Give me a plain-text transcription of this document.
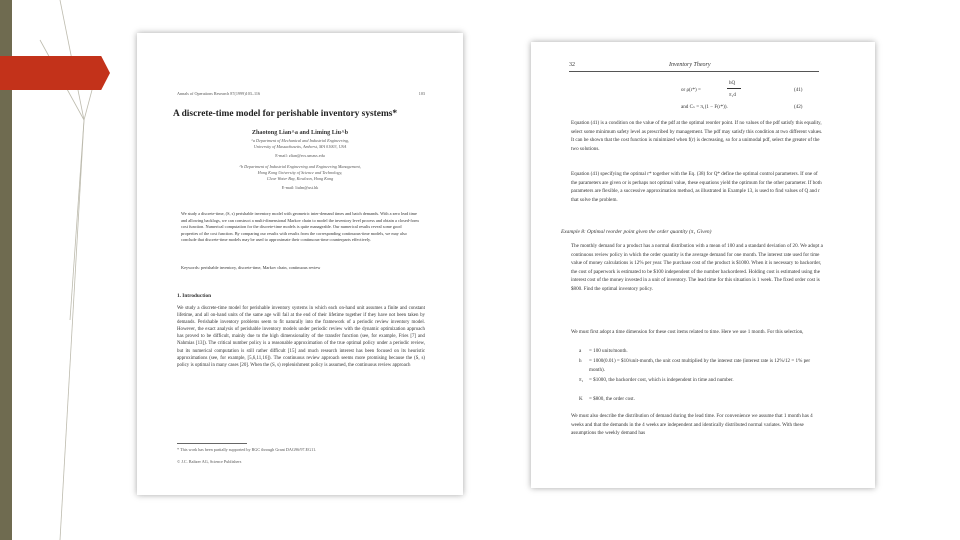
Annals of Operations Research 87(1999)103–116	103
A discrete-time model for perishable inventory systems*
Zhaotong Lian^a and Liming Liu^b
^a Department of Mechanical and Industrial Engineering,
University of Massachusetts, Amherst, MA 01003, USA
E-mail: zlian@ecs.umass.edu
^b Department of Industrial Engineering and Engineering Management,
Hong Kong University of Science and Technology,
Clear Water Bay, Kowloon, Hong Kong
E-mail: liulm@ust.hk
We study a discrete-time, (S, s) perishable inventory model with geometric inter-demand times and batch demands. With a zero lead time and allowing backlogs, we can construct a multi-dimensional Markov chain to model the inventory level process and obtain a closed-form cost function. Numerical computation for the discrete-time models is quite manageable. Our numerical results reveal some good properties of the cost function. By comparing our results with results from the corresponding continuous-time models, we may also conclude that discrete-time models may be used to approximate their continuous-time counterparts effectively.
Keywords: perishable inventory, discrete-time, Markov chain, continuous review
1. Introduction
We study a discrete-time model for perishable inventory systems in which each on-hand unit assumes a finite and constant lifetime, and all on-hand units of the same age will fail at the end of their lifetime together if they have not been taken by demands. Perishable inventory problems seem to fit naturally into the framework of a periodic review inventory model. However, the exact analysis of perishable inventory models under periodic review with the dynamic optimization approach has proved to be difficult, mainly due to the high dimensionality of the transfer function (see, for example, Fries [7] and Nahmias [13]). The critical number policy is a reasonable approximation of the true optimal policy under a periodic review, but its numerical computation is still rather difficult [15] and much research interest has been focused on its heuristic approximations (see, for example, [5,6,11,16]). The continuous review approach seems more promising because the (S, s) policy is optimal in many cases [20]. When the (S, s) replenishment policy is assumed, the continuous review approach
* This work has been partially supported by RGC through Grant DAG96/97.EG11.
© J.C. Baltzer AG, Science Publishers
32	Inventory Theory
or ρ(r*) =
hQ
π₁d
(41)
and Cₛ = π₁(1 − F(r*)).	(42)
Equation (41) is a condition on the value of the pdf at the optimal reorder point. If no values of the pdf satisfy this equality, select some minimum safety level as prescribed by management. The pdf may satisfy this condition at two different values. It can be shown that the cost function is minimized when f(r) is decreasing, so for a unimodal pdf, select the greater of the two solutions.
Equation (41) specifying the optimal r* together with the Eq. (38) for Q* define the optimal control parameters. If one of the parameters are given or is perhaps not optimal value, these equations yield the optimum for the other parameter. If both parameters are flexible, a successive approximation method, as illustrated in Example 13, is used to find values of Q and r that solve the problem.
Example 8: Optimal reorder point given the order quantity (π₁ Given)
The monthly demand for a product has a normal distribution with a mean of 100 and a standard deviation of 20. We adopt a continuous review policy in which the order quantity is the average demand for one month. The interest rate used for time value of money calculations is 12% per year. The purchase cost of the product is $1000. When it is necessary to backorder, the cost of paperwork is estimated to be $100 independent of the number backordered. Holding cost is estimated using the interest cost of the money invested in a unit of inventory. The lead time for this situation is 1 week. The fixed order cost is $800. Find the optimal inventory policy.
We must first adopt a time dimension for these cost items related to time. Here we use 1 month. For this selection,
a = 100 units/month.
h = 1000(0.01) = $10/unit-month, the unit cost multiplied by the interest rate (interest rate is 12%/12 = 1% per month).
π₁ = $1000, the backorder cost, which is independent in time and number.
K = $800, the order cost.
We must also describe the distribution of demand during the lead time. For convenience we assume that 1 month has 4 weeks and that the demands in the 4 weeks are independent and identically distributed normal variates. With these assumptions the weekly demand has
